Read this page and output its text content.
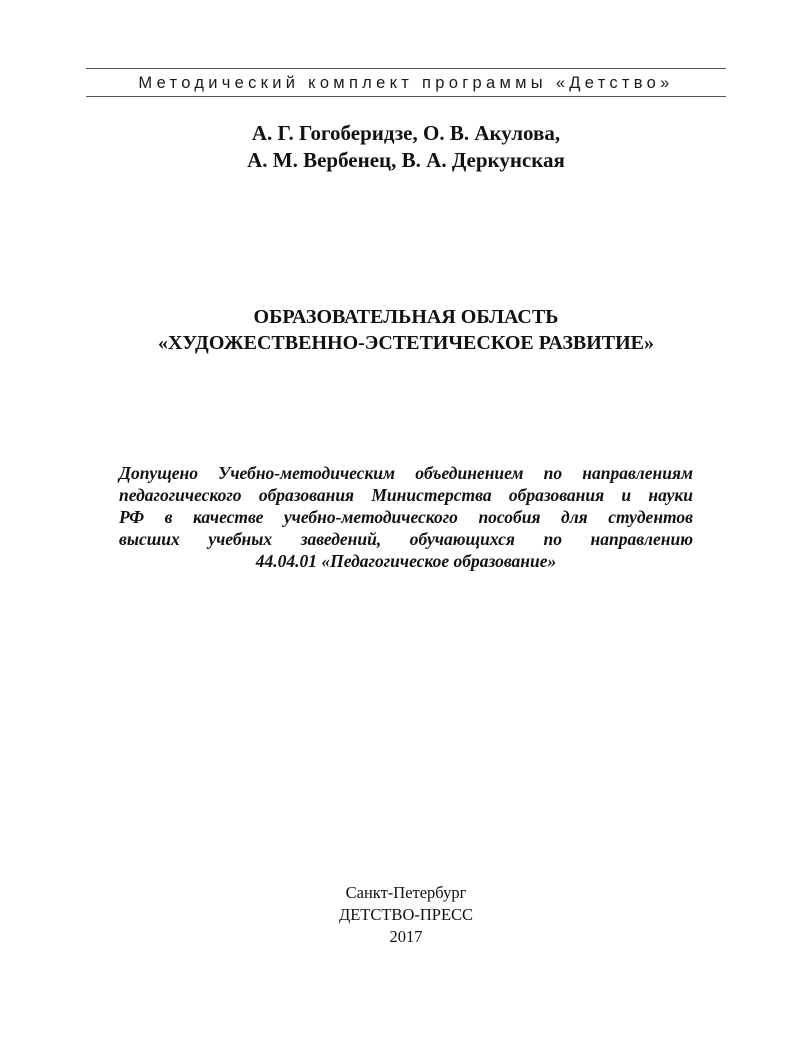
Методический комплект программы «Детство»
А. Г. Гогоберидзе, О. В. Акулова,
А. М. Вербенец, В. А. Деркунская
ОБРАЗОВАТЕЛЬНАЯ ОБЛАСТЬ
«ХУДОЖЕСТВЕННО-ЭСТЕТИЧЕСКОЕ РАЗВИТИЕ»
Допущено Учебно-методическим объединением по направлениям
педагогического образования Министерства образования и науки
РФ в качестве учебно-методического пособия для студентов
высших учебных заведений, обучающихся по направлению
44.04.01 «Педагогическое образование»
Санкт-Петербург
ДЕТСТВО-ПРЕСС
2017
